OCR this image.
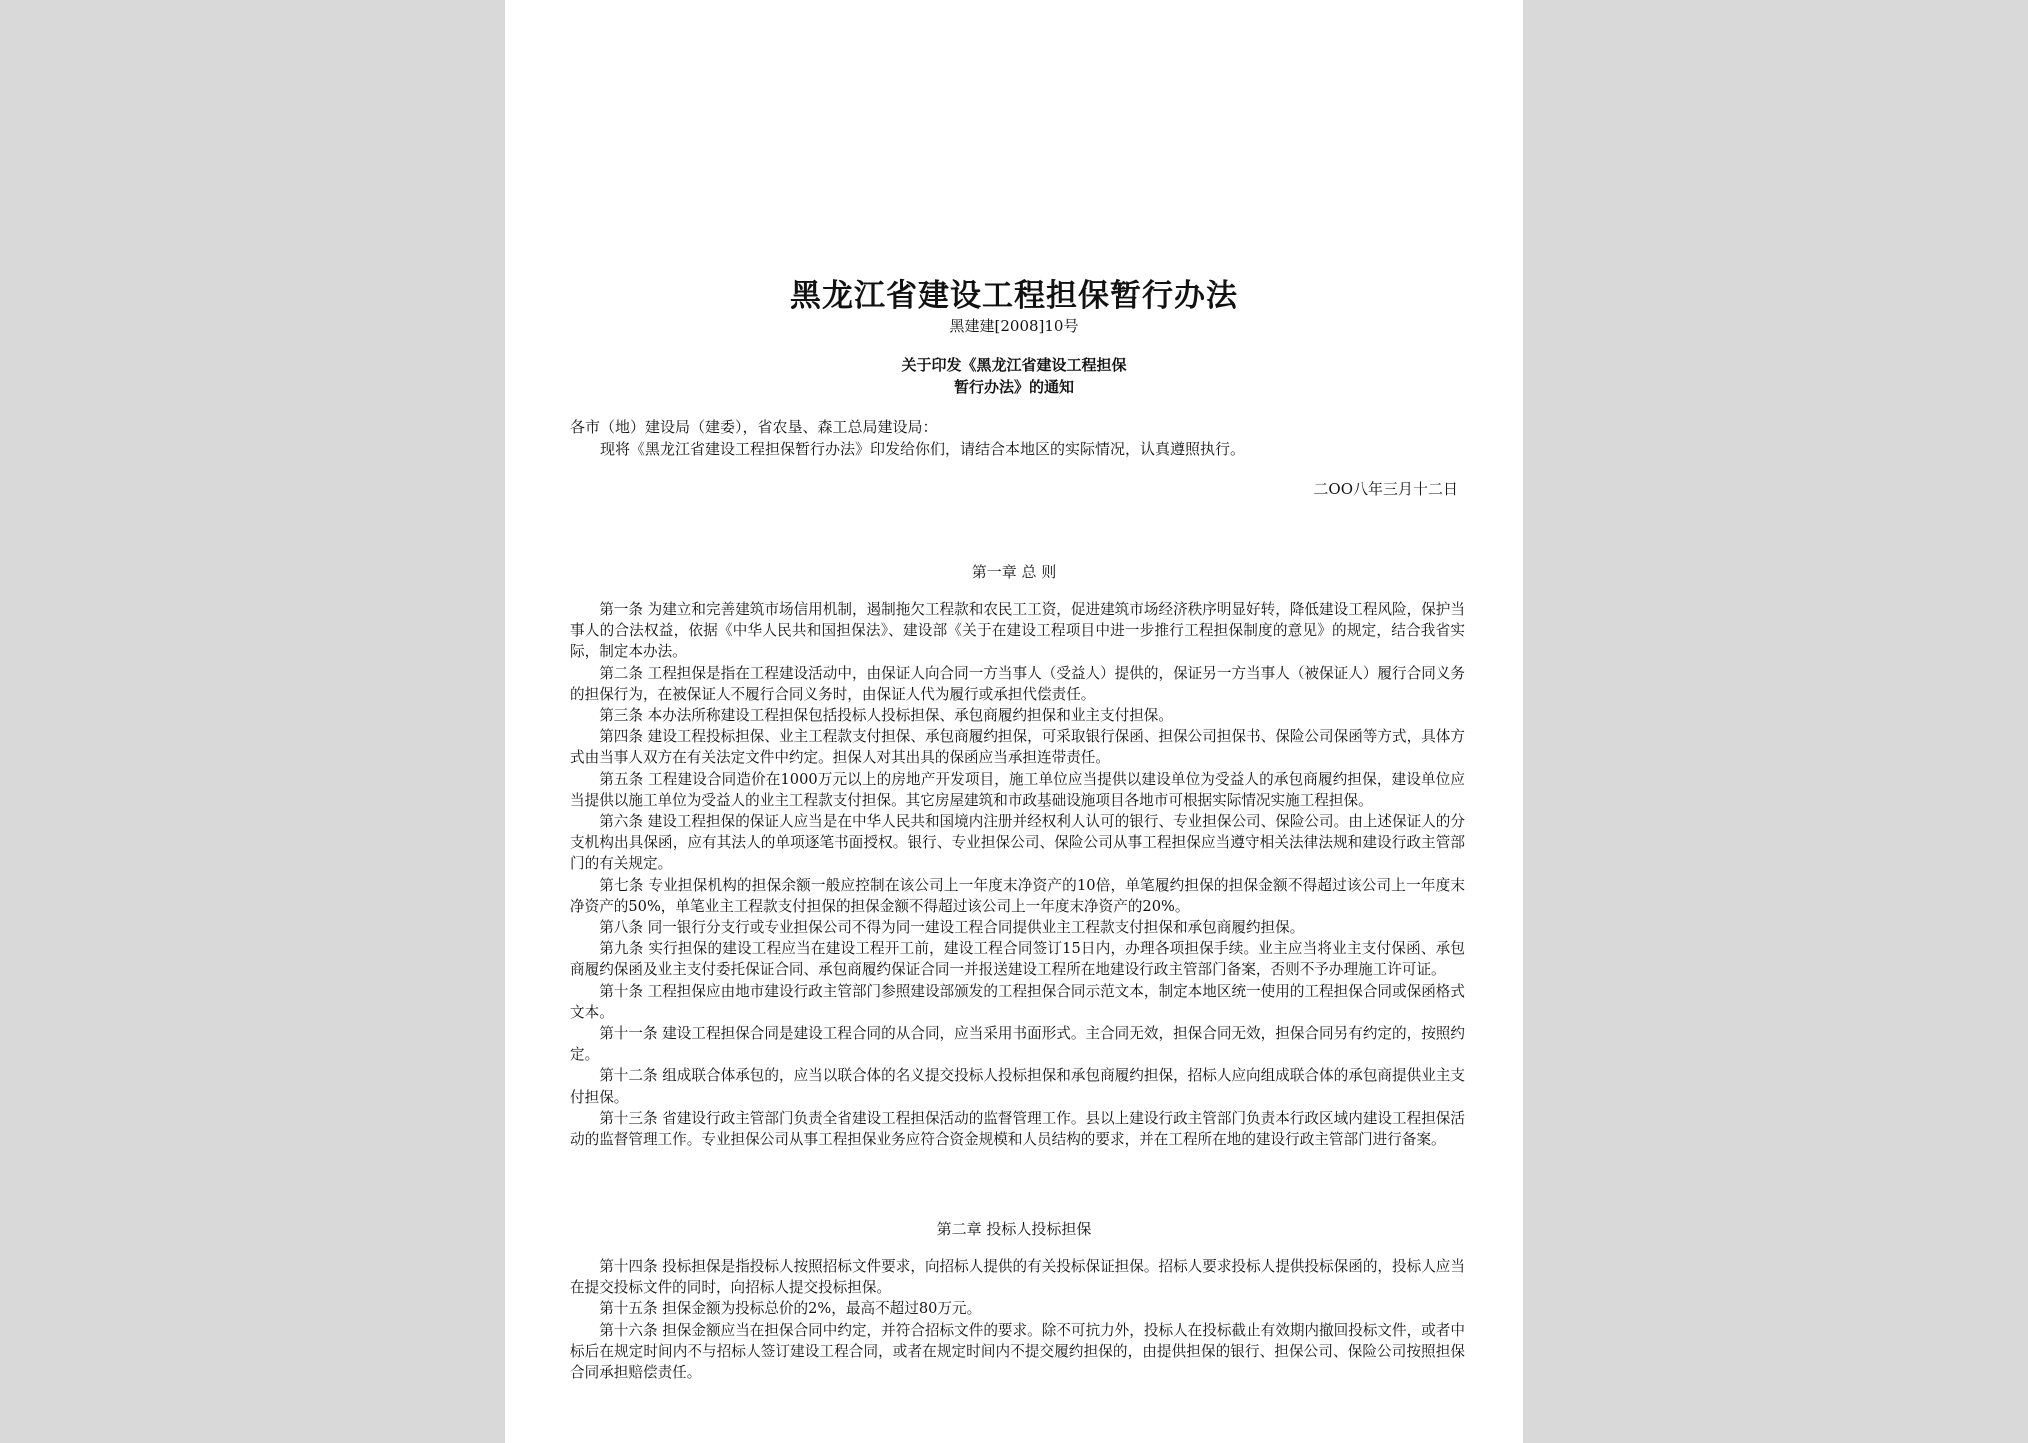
黑龙江省建设工程担保暂行办法
黑建建[2008]10号
关于印发《黑龙江省建设工程担保
暂行办法》的通知
各市（地）建设局（建委），省农垦、森工总局建设局：
现将《黑龙江省建设工程担保暂行办法》印发给你们，请结合本地区的实际情况，认真遵照执行。
二OO八年三月十二日
第一章 总 则

第一条 为建立和完善建筑市场信用机制，遏制拖欠工程款和农民工工资，促进建筑市场经济秩序明显好转，降低建设工程风险，保护当事人的合法权益，依据《中华人民共和国担保法》、建设部《关于在建设工程项目中进一步推行工程担保制度的意见》的规定，结合我省实际，制定本办法。

第二条 工程担保是指在工程建设活动中，由保证人向合同一方当事人（受益人）提供的，保证另一方当事人（被保证人）履行合同义务的担保行为，在被保证人不履行合同义务时，由保证人代为履行或承担代偿责任。

第三条 本办法所称建设工程担保包括投标人投标担保、承包商履约担保和业主支付担保。

第四条 建设工程投标担保、业主工程款支付担保、承包商履约担保，可采取银行保函、担保公司担保书、保险公司保函等方式，具体方式由当事人双方在有关法定文件中约定。担保人对其出具的保函应当承担连带责任。

第五条 工程建设合同造价在1000万元以上的房地产开发项目，施工单位应当提供以建设单位为受益人的承包商履约担保，建设单位应当提供以施工单位为受益人的业主工程款支付担保。其它房屋建筑和市政基础设施项目各地市可根据实际情况实施工程担保。

第六条 建设工程担保的保证人应当是在中华人民共和国境内注册并经权利人认可的银行、专业担保公司、保险公司。由上述保证人的分支机构出具保函，应有其法人的单项逐笔书面授权。银行、专业担保公司、保险公司从事工程担保应当遵守相关法律法规和建设行政主管部门的有关规定。

第七条 专业担保机构的担保余额一般应控制在该公司上一年度末净资产的10倍，单笔履约担保的担保金额不得超过该公司上一年度末净资产的50%，单笔业主工程款支付担保的担保金额不得超过该公司上一年度末净资产的20%。

第八条 同一银行分支行或专业担保公司不得为同一建设工程合同提供业主工程款支付担保和承包商履约担保。

第九条 实行担保的建设工程应当在建设工程开工前，建设工程合同签订15日内，办理各项担保手续。业主应当将业主支付保函、承包商履约保函及业主支付委托保证合同、承包商履约保证合同一并报送建设工程所在地建设行政主管部门备案，否则不予办理施工许可证。

第十条 工程担保应由地市建设行政主管部门参照建设部颁发的工程担保合同示范文本，制定本地区统一使用的工程担保合同或保函格式文本。

第十一条 建设工程担保合同是建设工程合同的从合同，应当采用书面形式。主合同无效，担保合同无效，担保合同另有约定的，按照约定。

第十二条 组成联合体承包的，应当以联合体的名义提交投标人投标担保和承包商履约担保，招标人应向组成联合体的承包商提供业主支付担保。

第十三条 省建设行政主管部门负责全省建设工程担保活动的监督管理工作。县以上建设行政主管部门负责本行政区域内建设工程担保活动的监督管理工作。专业担保公司从事工程担保业务应符合资金规模和人员结构的要求，并在工程所在地的建设行政主管部门进行备案。

第二章 投标人投标担保

第十四条 投标担保是指投标人按照招标文件要求，向招标人提供的有关投标保证担保。招标人要求投标人提供投标保函的，投标人应当在提交投标文件的同时，向招标人提交投标担保。

第十五条 担保金额为投标总价的2%，最高不超过80万元。

第十六条 担保金额应当在担保合同中约定，并符合招标文件的要求。除不可抗力外，投标人在投标截止有效期内撤回投标文件，或者中标后在规定时间内不与招标人签订建设工程合同，或者在规定时间内不提交履约担保的，由提供担保的银行、担保公司、保险公司按照担保合同承担赔偿责任。
